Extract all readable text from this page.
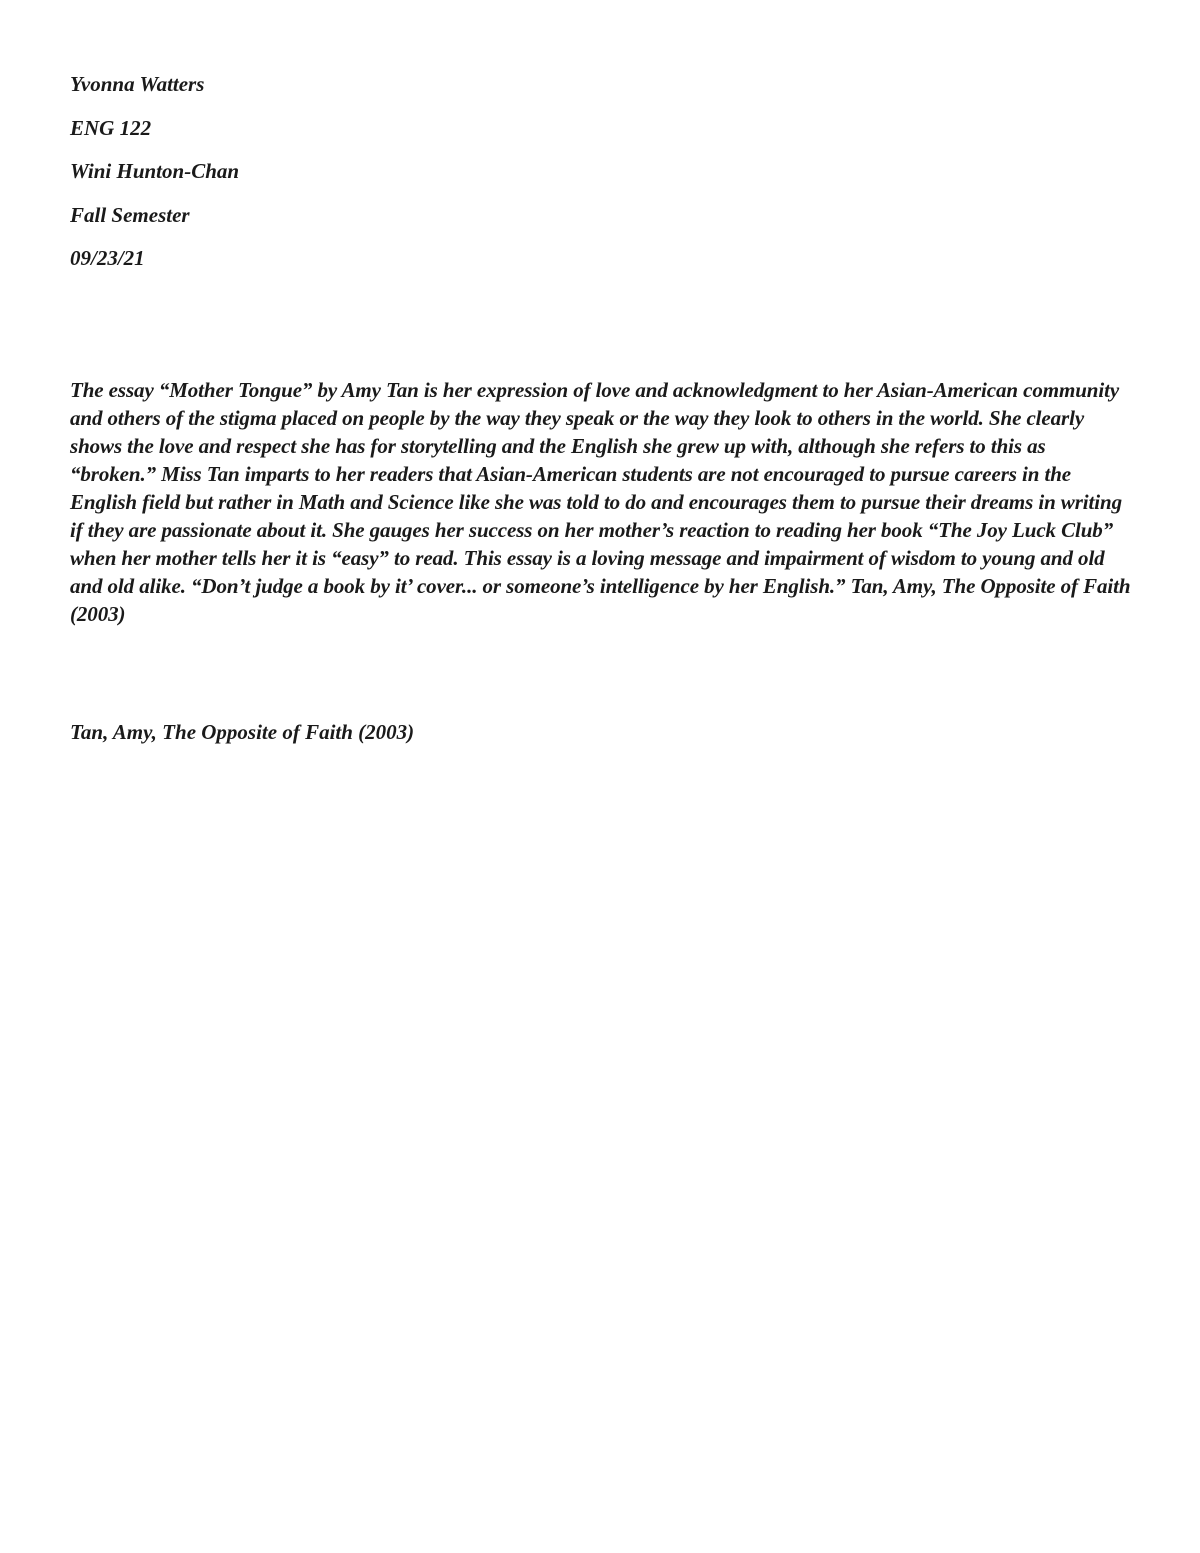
Yvonna Watters
ENG 122
Wini Hunton-Chan
Fall Semester
09/23/21

The essay “Mother Tongue” by Amy Tan is her expression of love and acknowledgment to her Asian-American community and others of the stigma placed on people by the way they speak or the way they look to others in the world. She clearly shows the love and respect she has for storytelling and the English she grew up with, although she refers to this as “broken.” Miss Tan imparts to her readers that Asian-American students are not encouraged to pursue careers in the English field but rather in Math and Science like she was told to do and encourages them to pursue their dreams in writing if they are passionate about it. She gauges her success on her mother’s reaction to reading her book “The Joy Luck Club” when her mother tells her it is “easy” to read. This essay is a loving message and impairment of wisdom to young and old and old alike. “Don’t judge a book by it’ cover... or someone’s intelligence by her English.” Tan, Amy, The Opposite of Faith (2003)

Tan, Amy, The Opposite of Faith (2003)
